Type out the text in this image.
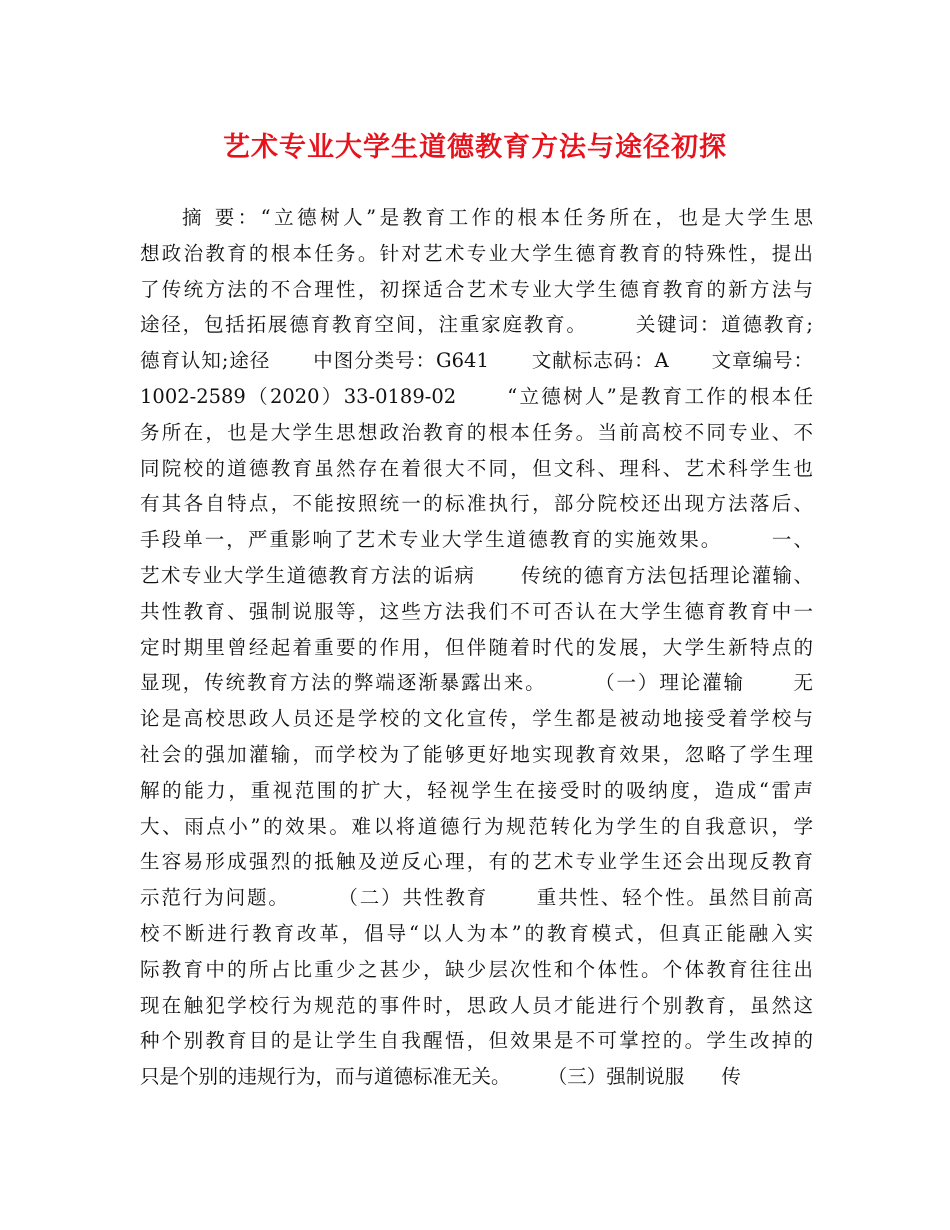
艺术专业大学生道德教育方法与途径初探
摘 要：“立德树人”是教育工作的根本任务所在，也是大学生思
想政治教育的根本任务。针对艺术专业大学生德育教育的特殊性，提出
了传统方法的不合理性，初探适合艺术专业大学生德育教育的新方法与
途径，包括拓展德育教育空间，注重家庭教育。      关键词：道德教育;
德育认知;途径      中图分类号：G641      文献标志码：A      文章编号：
1002-2589（2020）33-0189-02      “立德树人”是教育工作的根本任
务所在，也是大学生思想政治教育的根本任务。当前高校不同专业、不
同院校的道德教育虽然存在着很大不同，但文科、理科、艺术科学生也
有其各自特点，不能按照统一的标准执行，部分院校还出现方法落后、
手段单一，严重影响了艺术专业大学生道德教育的实施效果。      一、
艺术专业大学生道德教育方法的诟病      传统的德育方法包括理论灌输、
共性教育、强制说服等，这些方法我们不可否认在大学生德育教育中一
定时期里曾经起着重要的作用，但伴随着时代的发展，大学生新特点的
显现，传统教育方法的弊端逐渐暴露出来。      （一）理论灌输      无
论是高校思政人员还是学校的文化宣传，学生都是被动地接受着学校与
社会的强加灌输，而学校为了能够更好地实现教育效果，忽略了学生理
解的能力，重视范围的扩大，轻视学生在接受时的吸纳度，造成“雷声
大、雨点小”的效果。难以将道德行为规范转化为学生的自我意识，学
生容易形成强烈的抵触及逆反心理，有的艺术专业学生还会出现反教育
示范行为问题。      （二）共性教育      重共性、轻个性。虽然目前高
校不断进行教育改革，倡导“以人为本”的教育模式，但真正能融入实
际教育中的所占比重少之甚少，缺少层次性和个体性。个体教育往往出
现在触犯学校行为规范的事件时，思政人员才能进行个别教育，虽然这
种个别教育目的是让学生自我醒悟，但效果是不可掌控的。学生改掉的
只是个别的违规行为，而与道德标准无关。      （三）强制说服      传
